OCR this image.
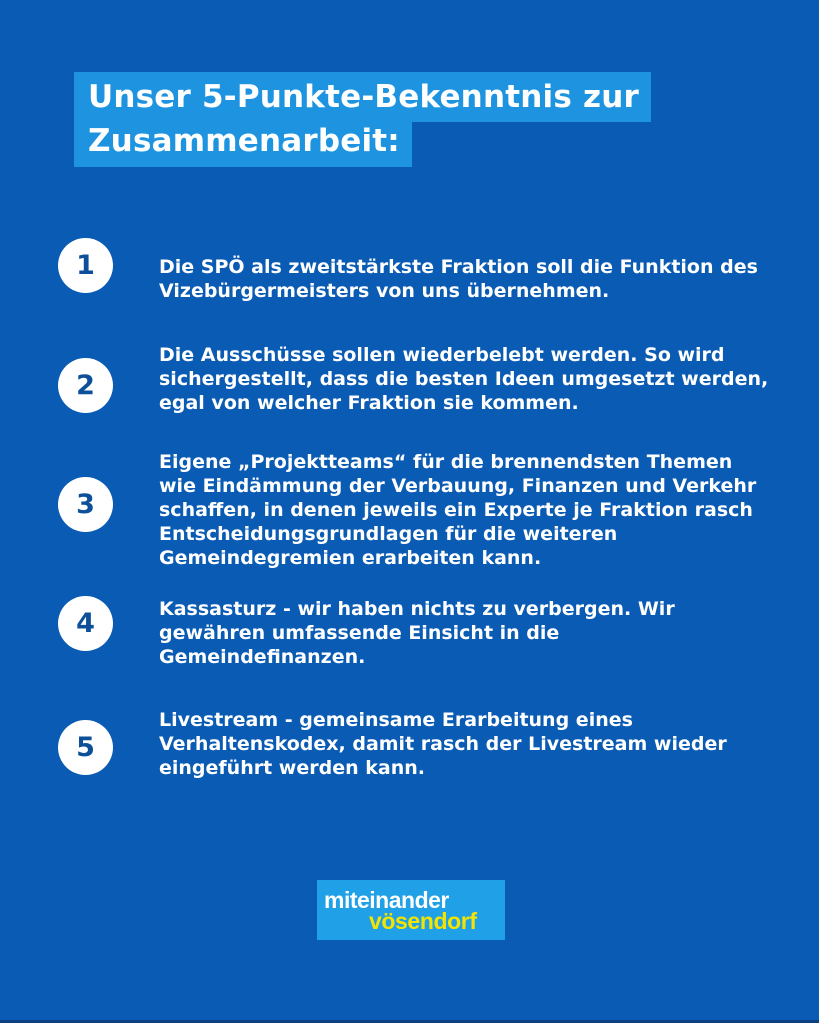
Unser 5-Punkte-Bekenntnis zur
Zusammenarbeit:
1	Die SPÖ als zweitstärkste Fraktion soll die Funktion des Vizebürgermeisters von uns übernehmen.
2
Die Ausschüsse sollen wiederbelebt werden. So wird sichergestellt, dass die besten Ideen umgesetzt werden, egal von welcher Fraktion sie kommen.
3
Eigene „Projektteams“ für die brennendsten Themen wie Eindämmung der Verbauung, Finanzen und Verkehr schaffen, in denen jeweils ein Experte je Fraktion rasch Entscheidungsgrundlagen für die weiteren Gemeindegremien erarbeiten kann.
4	Kassasturz - wir haben nichts zu verbergen. Wir gewähren umfassende Einsicht in die Gemeindefinanzen.
5
Livestream - gemeinsame Erarbeitung eines Verhaltenskodex, damit rasch der Livestream wieder eingeführt werden kann.
miteinander
vösendorf
